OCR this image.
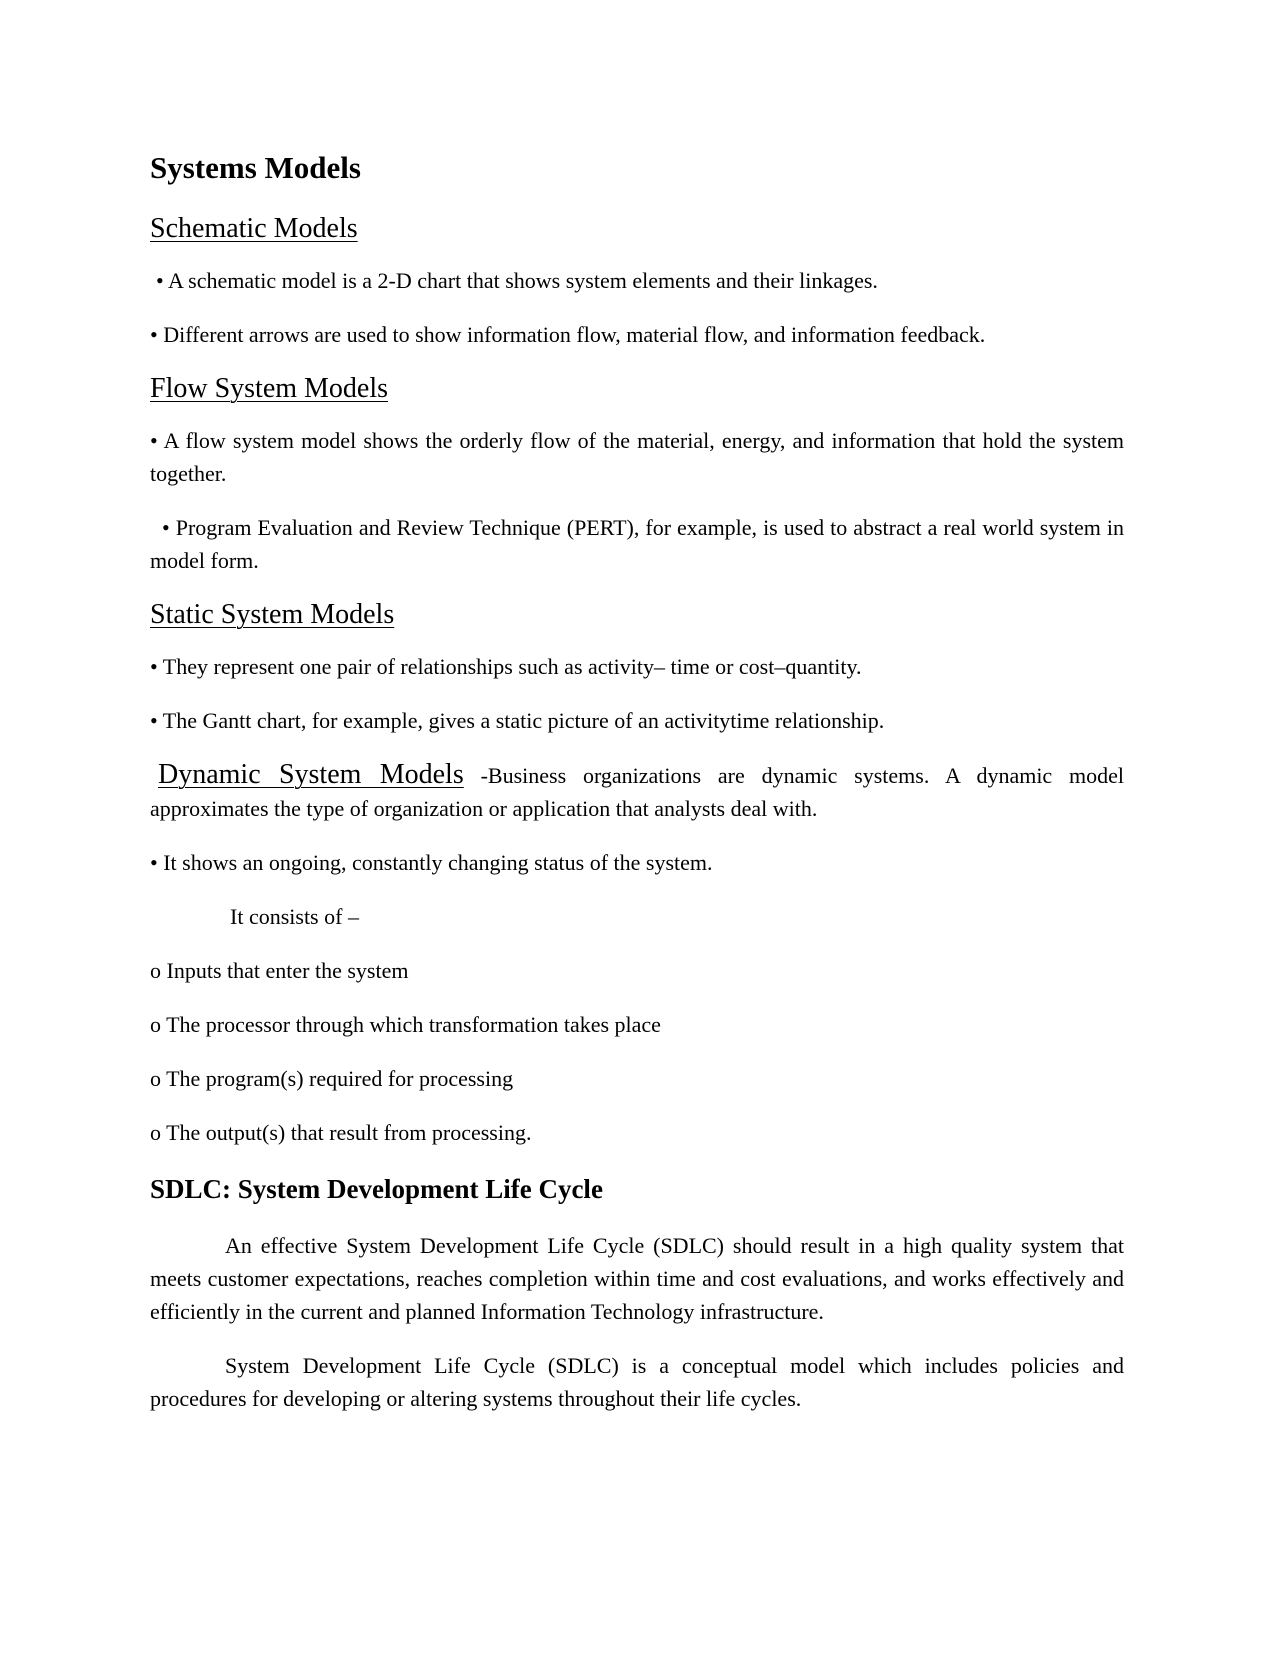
Systems Models
Schematic Models
• A schematic model is a 2-D chart that shows system elements and their linkages.
• Different arrows are used to show information flow, material flow, and information feedback.
Flow System Models
• A flow system model shows the orderly flow of the material, energy, and information that hold the system together.
• Program Evaluation and Review Technique (PERT), for example, is used to abstract a real world system in model form.
Static System Models
• They represent one pair of relationships such as activity– time or cost–quantity.
• The Gantt chart, for example, gives a static picture of an activitytime relationship.
Dynamic System Models -Business organizations are dynamic systems. A dynamic model approximates the type of organization or application that analysts deal with.
• It shows an ongoing, constantly changing status of the system.
It consists of –
o Inputs that enter the system
o The processor through which transformation takes place
o The program(s) required for processing
o The output(s) that result from processing.
SDLC: System Development Life Cycle
An effective System Development Life Cycle (SDLC) should result in a high quality system that meets customer expectations, reaches completion within time and cost evaluations, and works effectively and efficiently in the current and planned Information Technology infrastructure.
System Development Life Cycle (SDLC) is a conceptual model which includes policies and procedures for developing or altering systems throughout their life cycles.
